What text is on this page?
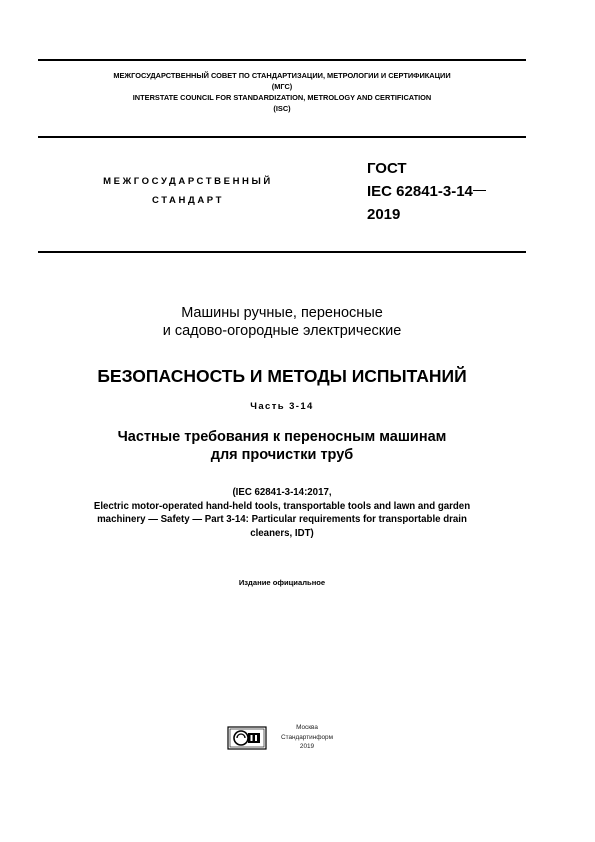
МЕЖГОСУДАРСТВЕННЫЙ СОВЕТ ПО СТАНДАРТИЗАЦИИ, МЕТРОЛОГИИ И СЕРТИФИКАЦИИ
(МГС)
INTERSTATE COUNCIL FOR STANDARDIZATION, METROLOGY AND CERTIFICATION
(ISC)
МЕЖГОСУДАРСТВЕННЫЙ
СТАНДАРТ
ГОСТ
IEC 62841-3-14
2019
Машины ручные, переносные
и садово-огородные электрические
БЕЗОПАСНОСТЬ И МЕТОДЫ ИСПЫТАНИЙ
Часть 3-14
Частные требования к переносным машинам
для прочистки труб
(IEC 62841-3-14:2017,
Electric motor-operated hand-held tools, transportable tools and lawn and garden
machinery — Safety — Part 3-14: Particular requirements for transportable drain
cleaners, IDT)
Издание официальное
Москва
Стандартинформ
2019
